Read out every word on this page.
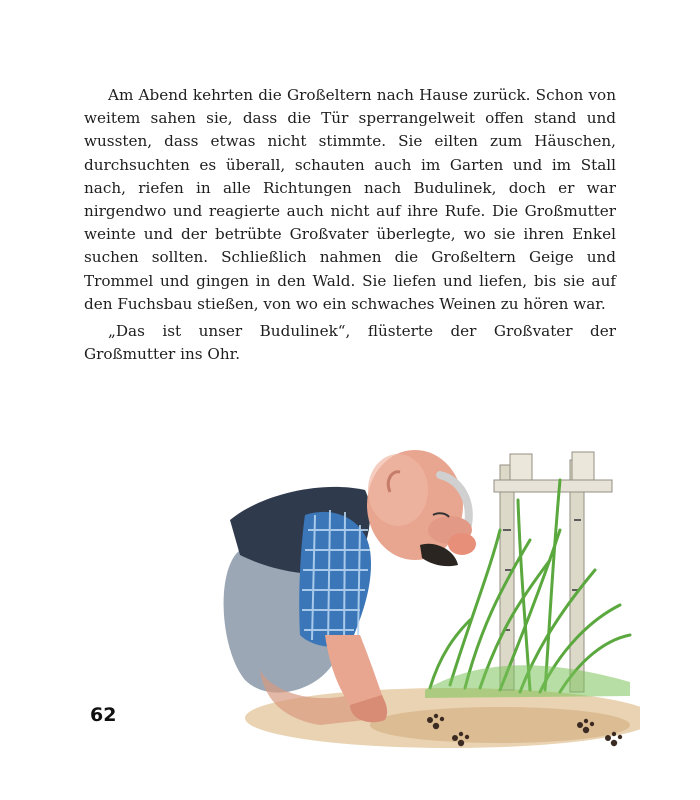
Am Abend kehrten die Großeltern nach Hause zurück. Schon von weitem sahen sie, dass die Tür sperrangelweit offen stand und wussten, dass etwas nicht stimmte. Sie eilten zum Häuschen, durchsuchten es überall, schauten auch im Garten und im Stall nach, riefen in alle Richtungen nach Budulinek, doch er war nirgendwo und reagierte auch nicht auf ihre Rufe. Die Großmutter weinte und der betrübte Großvater überlegte, wo sie ihren Enkel suchen sollten. Schließlich nahmen die Großeltern Geige und Trommel und gingen in den Wald. Sie liefen und liefen, bis sie auf den Fuchsbau stießen, von wo ein schwaches Weinen zu hören war.

„Das ist unser Budulinek“, flüsterte der Großvater der Großmutter ins Ohr.

62
